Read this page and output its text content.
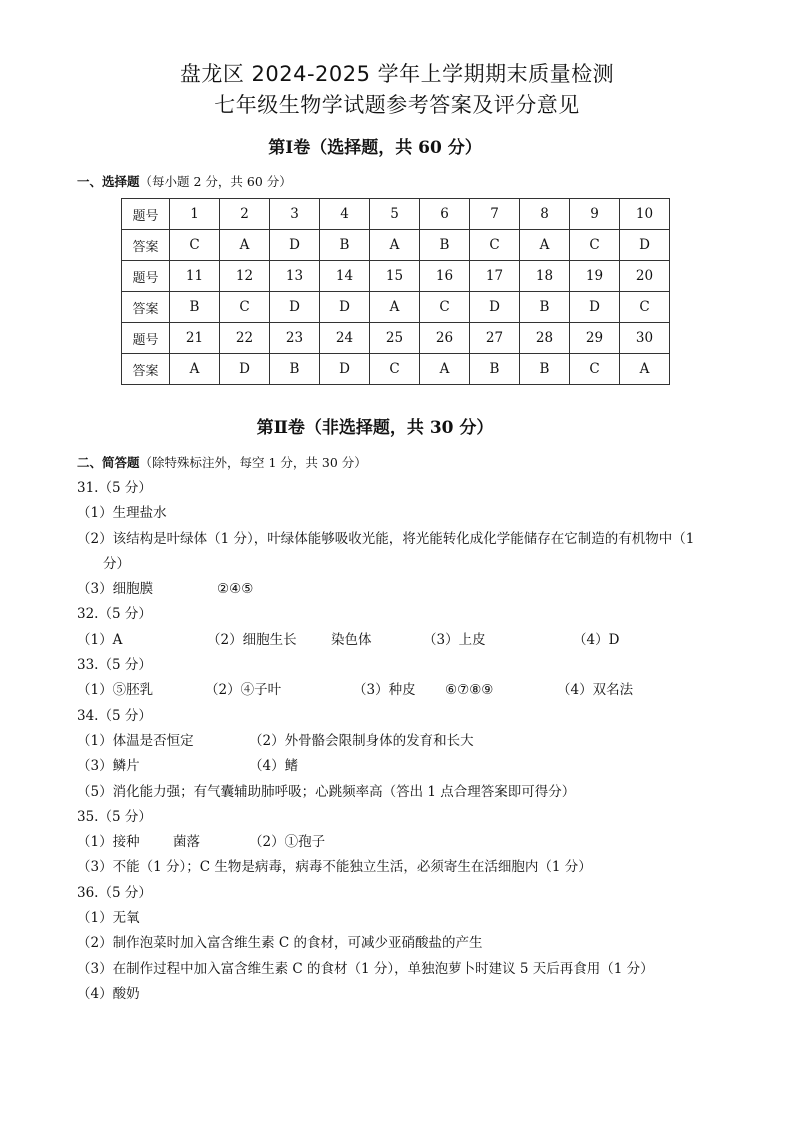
盘龙区 2024-2025 学年上学期期末质量检测
七年级生物学试题参考答案及评分意见
第Ⅰ卷（选择题，共 60 分）
一、选择题（每小题 2 分，共 60 分）
题号	1	2	3	4	5	6	7	8	9	10
答案	C	A	D	B	A	B	C	A	C	D
题号	11	12	13	14	15	16	17	18	19	20
答案	B	C	D	D	A	C	D	B	D	C
题号	21	22	23	24	25	26	27	28	29	30
答案	A	D	B	D	C	A	B	B	C	A
第Ⅱ卷（非选择题，共 30 分）
二、简答题（除特殊标注外，每空 1 分，共 30 分）
31.（5 分）
（1）生理盐水
（2）该结构是叶绿体（1 分），叶绿体能够吸收光能，将光能转化成化学能储存在它制造的有机物中（1
分）
（3）细胞膜	②④⑤
32.（5 分）
（1）A	（2）细胞生长	染色体	（3）上皮	（4）D
33.（5 分）
（1）⑤胚乳	（2）④子叶	（3）种皮 ⑥⑦⑧⑨	（4）双名法
34.（5 分）
（1）体温是否恒定	（2）外骨骼会限制身体的发育和长大
（3）鳞片	（4）鳍
（5）消化能力强；有气囊辅助肺呼吸；心跳频率高（答出 1 点合理答案即可得分）
35.（5 分）
（1）接种 菌落	（2）①孢子
（3）不能（1 分）；C 生物是病毒，病毒不能独立生活，必须寄生在活细胞内（1 分）
36.（5 分）
（1）无氧
（2）制作泡菜时加入富含维生素 C 的食材，可减少亚硝酸盐的产生
（3）在制作过程中加入富含维生素 C 的食材（1 分），单独泡萝卜时建议 5 天后再食用（1 分）
（4）酸奶
